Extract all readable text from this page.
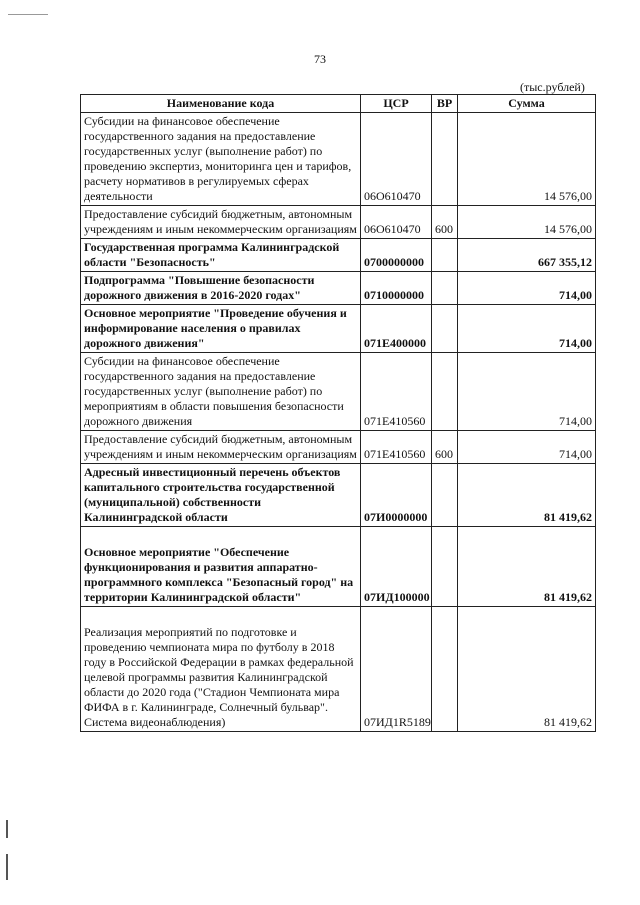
73
(тыс.рублей)
Наименование кода	ЦСР	ВР	Сумма
Субсидии на финансовое обеспечение государственного задания на предоставление государственных услуг (выполнение работ) по проведению экспертиз, мониторинга цен и тарифов, расчету нормативов в регулируемых сферах деятельности	06О610470		14 576,00
Предоставление субсидий бюджетным, автономным учреждениям и иным некоммерческим организациям	06О610470	600	14 576,00
Государственная программа Калининградской области "Безопасность"	0700000000		667 355,12
Подпрограмма "Повышение безопасности дорожного движения в 2016-2020 годах"	0710000000		714,00
Основное мероприятие "Проведение обучения и информирование населения о правилах дорожного движения"	071Е400000		714,00
Субсидии на финансовое обеспечение государственного задания на предоставление государственных услуг (выполнение работ) по мероприятиям в области повышения безопасности дорожного движения	071Е410560		714,00
Предоставление субсидий бюджетным, автономным учреждениям и иным некоммерческим организациям	071Е410560	600	714,00
Адресный инвестиционный перечень объектов капитального строительства государственной (муниципальной) собственности Калининградской области	07И0000000		81 419,62
Основное мероприятие "Обеспечение функционирования и развития аппаратно-программного комплекса "Безопасный город" на территории Калининградской области"	07ИД100000		81 419,62
Реализация мероприятий по подготовке и проведению чемпионата мира по футболу в 2018 году в Российской Федерации в рамках федеральной целевой программы развития Калининградской области до 2020 года ("Стадион Чемпионата мира ФИФА в г. Калининграде, Солнечный бульвар". Система видеонаблюдения)	07ИД1R5189		81 419,62
